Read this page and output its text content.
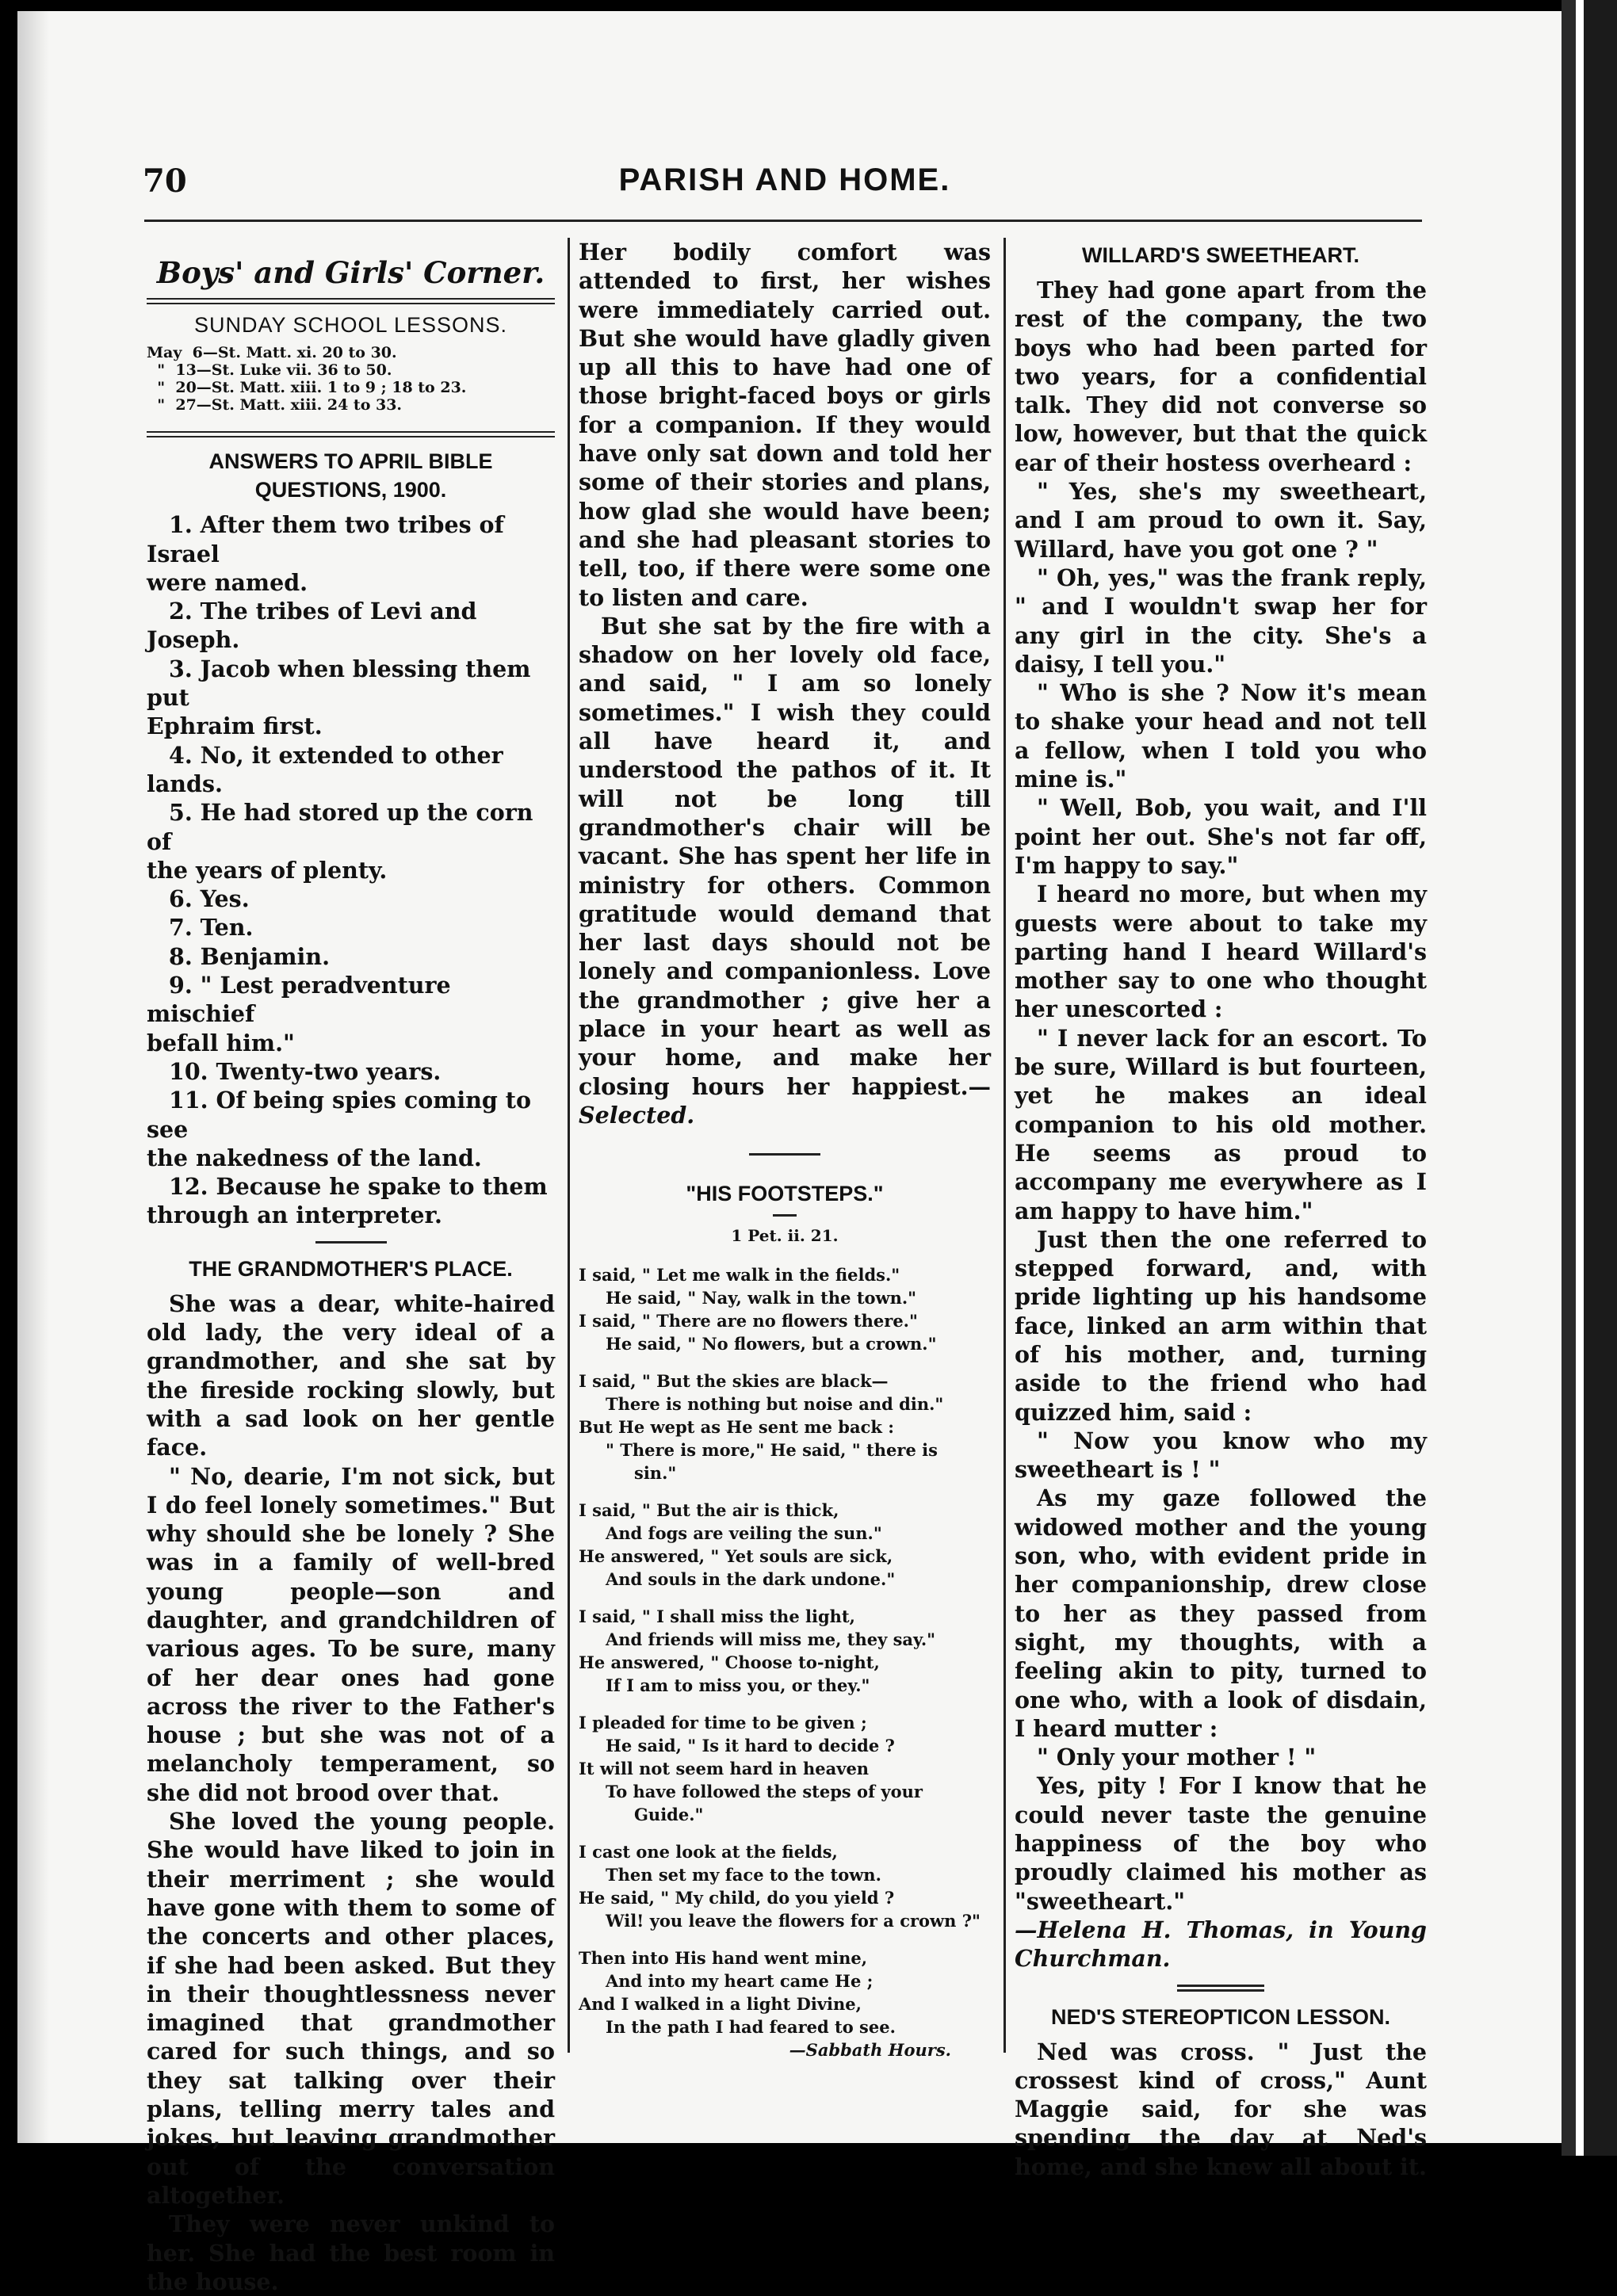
70	PARISH AND HOME.
Boys' and Girls' Corner.
SUNDAY SCHOOL LESSONS.
May  6—St. Matt. xi. 20 to 30.
"  13—St. Luke vii. 36 to 50.
"  20—St. Matt. xiii. 1 to 9 ; 18 to 23.
"  27—St. Matt. xiii. 24 to 33.
ANSWERS TO APRIL BIBLE
QUESTIONS, 1900.
1. After them two tribes of Israel
were named.
2. The tribes of Levi and
Joseph.
3. Jacob when blessing them put
Ephraim first.
4. No, it extended to other lands.
5. He had stored up the corn of
the years of plenty.
6. Yes.
7. Ten.
8. Benjamin.
9. " Lest peradventure mischief
befall him."
10. Twenty-two years.
11. Of being spies coming to see
the nakedness of the land.
12. Because he spake to them
through an interpreter.
THE GRANDMOTHER'S PLACE.

She was a dear, white-haired old lady, the very ideal of a grandmother, and she sat by the fireside rocking slowly, but with a sad look on her gentle face.

" No, dearie, I'm not sick, but I do feel lonely sometimes." But why should she be lonely ? She was in a family of well-bred young people—son and daughter, and grandchildren of various ages. To be sure, many of her dear ones had gone across the river to the Father's house ; but she was not of a melancholy temperament, so she did not brood over that.

She loved the young people. She would have liked to join in their merriment ; she would have gone with them to some of the concerts and other places, if she had been asked. But they in their thoughtlessness never imagined that grandmother cared for such things, and so they sat talking over their plans, telling merry tales and jokes, but leaving grandmother out of the conversation altogether.

They were never unkind to her. She had the best room in the house.

Her bodily comfort was attended to first, her wishes were immediately carried out. But she would have gladly given up all this to have had one of those bright-faced boys or girls for a companion. If they would have only sat down and told her some of their stories and plans, how glad she would have been; and she had pleasant stories to tell, too, if there were some one to listen and care.

But she sat by the fire with a shadow on her lovely old face, and said, " I am so lonely sometimes." I wish they could all have heard it, and understood the pathos of it. It will not be long till grandmother's chair will be vacant. She has spent her life in ministry for others. Common gratitude would demand that her last days should not be lonely and companionless. Love the grandmother ; give her a place in your heart as well as your home, and make her closing hours her happiest.—Selected.

"HIS FOOTSTEPS."
1 Pet. ii. 21.
I said, " Let me walk in the fields."
He said, " Nay, walk in the town."
I said, " There are no flowers there."
He said, " No flowers, but a crown."
I said, " But the skies are black—
There is nothing but noise and din."
But He wept as He sent me back :
" There is more," He said, " there is
sin."
I said, " But the air is thick,
And fogs are veiling the sun."
He answered, " Yet souls are sick,
And souls in the dark undone."
I said, " I shall miss the light,
And friends will miss me, they say."
He answered, " Choose to-night,
If I am to miss you, or they."
I pleaded for time to be given ;
He said, " Is it hard to decide ?
It will not seem hard in heaven
To have followed the steps of your
Guide."
I cast one look at the fields,
Then set my face to the town.
He said, " My child, do you yield ?
Wil! you leave the flowers for a crown ?"
Then into His hand went mine,
And into my heart came He ;
And I walked in a light Divine,
In the path I had feared to see.
—Sabbath Hours.
WILLARD'S SWEETHEART.

They had gone apart from the rest of the company, the two boys who had been parted for two years, for a confidential talk. They did not converse so low, however, but that the quick ear of their hostess overheard :

" Yes, she's my sweetheart, and I am proud to own it. Say, Willard, have you got one ? "

" Oh, yes," was the frank reply, " and I wouldn't swap her for any girl in the city. She's a daisy, I tell you."

" Who is she ? Now it's mean to shake your head and not tell a fellow, when I told you who mine is."

" Well, Bob, you wait, and I'll point her out. She's not far off, I'm happy to say."

I heard no more, but when my guests were about to take my parting hand I heard Willard's mother say to one who thought her unescorted :

" I never lack for an escort. To be sure, Willard is but fourteen, yet he makes an ideal companion to his old mother. He seems as proud to accompany me everywhere as I am happy to have him."

Just then the one referred to stepped forward, and, with pride lighting up his handsome face, linked an arm within that of his mother, and, turning aside to the friend who had quizzed him, said :

" Now you know who my sweetheart is ! "

As my gaze followed the widowed mother and the young son, who, with evident pride in her companionship, drew close to her as they passed from sight, my thoughts, with a feeling akin to pity, turned to one who, with a look of disdain, I heard mutter :

" Only your mother ! "

Yes, pity ! For I know that he could never taste the genuine happiness of the boy who proudly claimed his mother as "sweetheart."

—Helena H. Thomas, in Young Churchman.

NED'S STEREOPTICON LESSON.

Ned was cross. " Just the crossest kind of cross," Aunt Maggie said, for she was spending the day at Ned's home, and she knew all about it.
